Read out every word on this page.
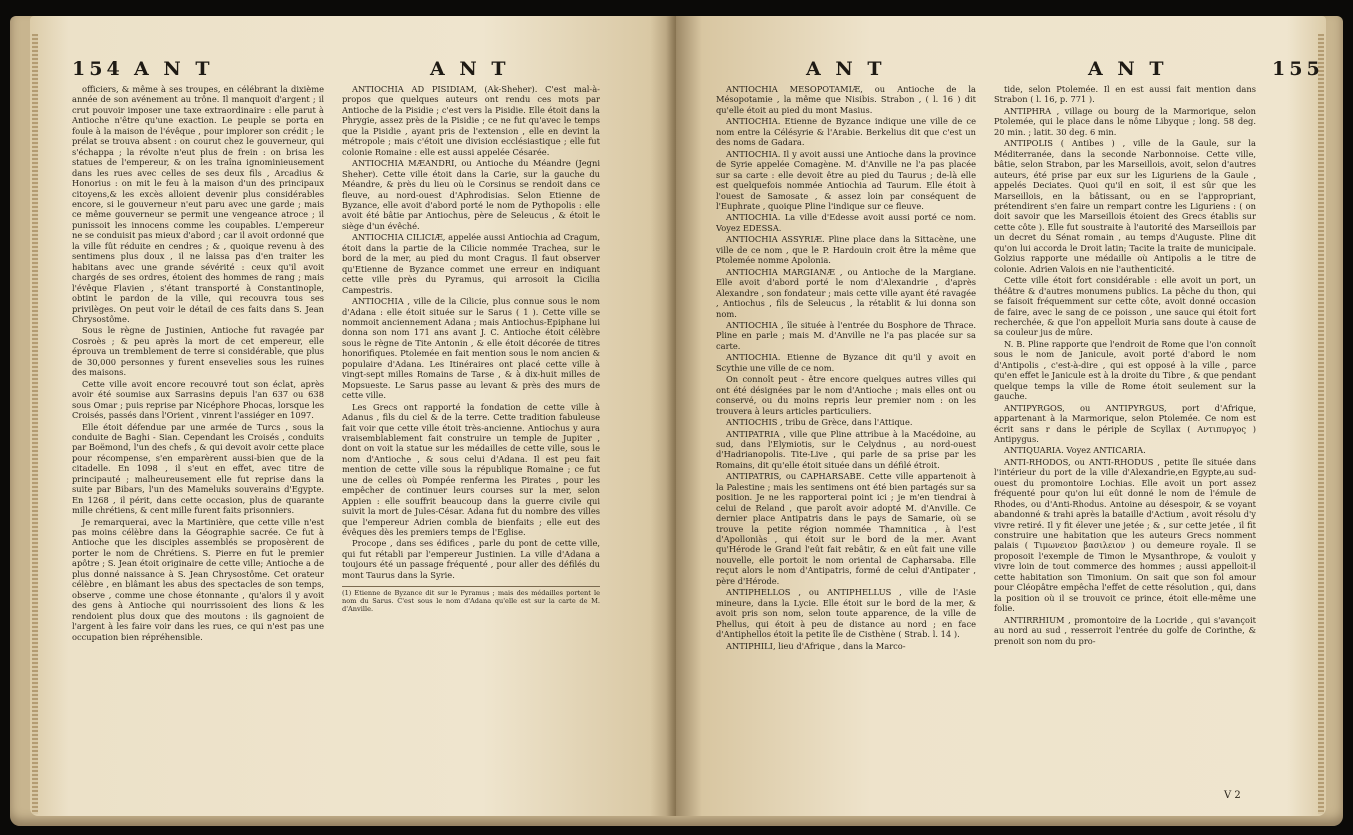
154 A N T	A N T

officiers, & même à ses troupes, en célébrant la dixième année de son avénement au trône. Il manquoit d'argent ; il crut pouvoir imposer une taxe extraordinaire : elle parut à Antioche n'être qu'une exaction. Le peuple se porta en foule à la maison de l'évêque , pour implorer son crédit ; le prélat se trouva absent : on courut chez le gouverneur, qui s'échappa ; la révolte n'eut plus de frein : on brisa les statues de l'empereur, & on les traîna ignominieusement dans les rues avec celles de ses deux fils , Arcadius & Honorius : on mit le feu à la maison d'un des principaux citoyens,& les excès alloient devenir plus considérables encore, si le gouverneur n'eut paru avec une garde ; mais ce même gouverneur se permit une vengeance atroce ; il punissoit les innocens comme les coupables. L'empereur ne se conduisit pas mieux d'abord ; car il avoit ordonné que la ville fût réduite en cendres ; & , quoique revenu à des sentimens plus doux , il ne laissa pas d'en traiter les habitans avec une grande sévérité : ceux qu'il avoit chargés de ses ordres, étoient des hommes de rang ; mais l'évêque Flavien , s'étant transporté à Constantinople, obtint le pardon de la ville, qui recouvra tous ses privilèges. On peut voir le détail de ces faits dans S. Jean Chrysostôme.

Sous le règne de Justinien, Antioche fut ravagée par Cosroès ; & peu après la mort de cet empereur, elle éprouva un tremblement de terre si considérable, que plus de 30,000 personnes y furent ensevelies sous les ruines des maisons.

Cette ville avoit encore recouvré tout son éclat, après avoir été soumise aux Sarrasins depuis l'an 637 ou 638 sous Omar ; puis reprise par Nicéphore Phocas, lorsque les Croisés, passés dans l'Orient , vinrent l'assiéger en 1097.

Elle étoit défendue par une armée de Turcs , sous la conduite de Baghi - Sian. Cependant les Croisés , conduits par Boëmond, l'un des chefs , & qui devoit avoir cette place pour récompense, s'en emparèrent aussi-bien que de la citadelle. En 1098 , il s'eut en effet, avec titre de principauté ; malheureusement elle fut reprise dans la suite par Bibars, l'un des Mameluks souverains d'Egypte. En 1268 , il périt, dans cette occasion, plus de quarante mille chrétiens, & cent mille furent faits prisonniers.

Je remarquerai, avec la Martinière, que cette ville n'est pas moins célèbre dans la Géographie sacrée. Ce fut à Antioche que les disciples assemblés se proposèrent de porter le nom de Chrétiens. S. Pierre en fut le premier apôtre ; S. Jean étoit originaire de cette ville; Antioche a de plus donné naissance à S. Jean Chrysostôme. Cet orateur célèbre , en blâmant les abus des spectacles de son temps, observe , comme une chose étonnante , qu'alors il y avoit des gens à Antioche qui nourrissoient des lions & les rendoient plus doux que des moutons : ils gagnoient de l'argent à les faire voir dans les rues, ce qui n'est pas une occupation bien répréhensible.

ANTIOCHIA AD PISIDIAM, (Ak-Sheher). C'est mal-à-propos que quelques auteurs ont rendu ces mots par Antioche de la Pisidie ; c'est vers la Pisidie. Elle étoit dans la Phrygie, assez près de la Pisidie ; ce ne fut qu'avec le temps que la Pisidie , ayant pris de l'extension , elle en devint la métropole ; mais c'étoit une division ecclésiastique ; elle fut colonie Romaine : elle est aussi appelée Césarée.

ANTIOCHIA MÆANDRI, ou Antioche du Méandre (Jegni Sheher). Cette ville étoit dans la Carie, sur la gauche du Méandre, & près du lieu où le Corsinus se rendoit dans ce fleuve, au nord-ouest d'Aphrodisias. Selon Etienne de Byzance, elle avoit d'abord porté le nom de Pythopolis : elle avoit été bâtie par Antiochus, père de Seleucus , & étoit le siège d'un évêché.

ANTIOCHIA CILICIÆ, appelée aussi Antiochia ad Cragum, étoit dans la partie de la Cilicie nommée Trachea, sur le bord de la mer, au pied du mont Cragus. Il faut observer qu'Etienne de Byzance commet une erreur en indiquant cette ville près du Pyramus, qui arrosoit la Cicilia Campestris.

ANTIOCHIA , ville de la Cilicie, plus connue sous le nom d'Adana : elle étoit située sur le Sarus ( 1 ). Cette ville se nommoit anciennement Adana ; mais Antiochus-Epiphane lui donna son nom 171 ans avant J. C. Antioche étoit célèbre sous le règne de Tite Antonin , & elle étoit décorée de titres honorifiques. Ptolemée en fait mention sous le nom ancien & populaire d'Adana. Les Itinéraires ont placé cette ville à vingt-sept milles Romains de Tarse , & à dix-huit milles de Mopsueste. Le Sarus passe au levant & près des murs de cette ville.

Les Grecs ont rapporté la fondation de cette ville à Adanus , fils du ciel & de la terre. Cette tradition fabuleuse fait voir que cette ville étoit très-ancienne. Antiochus y aura vraisemblablement fait construire un temple de Jupiter , dont on voit la statue sur les médailles de cette ville, sous le nom d'Antioche , & sous celui d'Adana. Il est peu fait mention de cette ville sous la république Romaine ; ce fut une de celles où Pompée renferma les Pirates , pour les empêcher de continuer leurs courses sur la mer, selon Appien : elle souffrit beaucoup dans la guerre civile qui suivit la mort de Jules-César. Adana fut du nombre des villes que l'empereur Adrien combla de bienfaits ; elle eut des évêques dès les premiers temps de l'Eglise.

Procope , dans ses édifices , parle du pont de cette ville, qui fut rétabli par l'empereur Justinien. La ville d'Adana a toujours été un passage fréquenté , pour aller des défilés du mont Taurus dans la Syrie.

(1) Etienne de Byzance dit sur le Pyramus ; mais des médailles portent le nom du Sarus. C'est sous le nom d'Adana qu'elle est sur la carte de M. d'Anville.
A N T	A N T	155

ANTIOCHIA MESOPOTAMIÆ, ou Antioche de la Mésopotamie , la même que Nisibis. Strabon , ( l. 16 ) dit qu'elle étoit au pied du mont Masius.

ANTIOCHIA. Etienne de Byzance indique une ville de ce nom entre la Célésyrie & l'Arabie. Berkelius dit que c'est un des noms de Gadara.

ANTIOCHIA. Il y avoit aussi une Antioche dans la province de Syrie appelée Comagène. M. d'Anville ne l'a pas placée sur sa carte : elle devoit être au pied du Taurus ; de-là elle est quelquefois nommée Antiochia ad Taurum. Elle étoit à l'ouest de Samosate , & assez loin par conséquent de l'Euphrate , quoique Pline l'indique sur ce fleuve.

ANTIOCHIA. La ville d'Edesse avoit aussi porté ce nom. Voyez EDESSA.

ANTIOCHIA ASSYRIÆ. Pline place dans la Sittacène, une ville de ce nom , que le P. Hardouin croit être la même que Ptolemée nomme Apolonia.

ANTIOCHIA MARGIANÆ , ou Antioche de la Margiane. Elle avoit d'abord porté le nom d'Alexandrie , d'après Alexandre , son fondateur ; mais cette ville ayant été ravagée , Antiochus , fils de Seleucus , la rétablit & lui donna son nom.

ANTIOCHIA , île située à l'entrée du Bosphore de Thrace. Pline en parle ; mais M. d'Anville ne l'a pas placée sur sa carte.

ANTIOCHIA. Etienne de Byzance dit qu'il y avoit en Scythie une ville de ce nom.

On connoît peut - être encore quelques autres villes qui ont été désignées par le nom d'Antioche ; mais elles ont ou conservé, ou du moins repris leur premier nom : on les trouvera à leurs articles particuliers.

ANTIOCHIS , tribu de Grèce, dans l'Attique.

ANTIPATRIA , ville que Pline attribue à la Macédoine, au sud, dans l'Elymiotis, sur le Celydnus , au nord-ouest d'Hadrianopolis. Tite-Live , qui parle de sa prise par les Romains, dit qu'elle étoit située dans un défilé étroit.

ANTIPATRIS, ou CAPHARSABE. Cette ville appartenoit à la Palestine ; mais les sentimens ont été bien partagés sur sa position. Je ne les rapporterai point ici ; je m'en tiendrai à celui de Reland , que paroît avoir adopté M. d'Anville. Ce dernier place Antipatris dans le pays de Samarie, où se trouve la petite région nommée Thamnitica , à l'est d'Apolloniàs , qui étoit sur le bord de la mer. Avant qu'Hérode le Grand l'eût fait rebâtir, & en eût fait une ville nouvelle, elle portoit le nom oriental de Capharsaba. Elle reçut alors le nom d'Antipatris, formé de celui d'Antipater , père d'Hérode.

ANTIPHELLOS , ou ANTIPHELLUS , ville de l'Asie mineure, dans la Lycie. Elle étoit sur le bord de la mer, & avoit pris son nom, selon toute apparence, de la ville de Phellus, qui étoit à peu de distance au nord ; en face d'Antiphellos étoit la petite île de Cisthène ( Strab. l. 14 ).

ANTIPHILI, lieu d'Afrique , dans la Marco-

tide, selon Ptolemée. Il en est aussi fait mention dans Strabon ( l. 16, p. 771 ).

ANTIPHRA , village ou bourg de la Marmorique, selon Ptolemée, qui le place dans le nôme Libyque ; long. 58 deg. 20 min. ; latit. 30 deg. 6 min.

ANTIPOLIS ( Antibes ) , ville de la Gaule, sur la Méditerranée, dans la seconde Narbonnoise. Cette ville, bâtie, selon Strabon, par les Marseillois, avoit, selon d'autres auteurs, été prise par eux sur les Liguriens de la Gaule , appelés Deciates. Quoi qu'il en soit, il est sûr que les Marseillois, en la bâtissant, ou en se l'appropriant, prétendirent s'en faire un rempart contre les Liguriens : ( on doit savoir que les Marseillois étoient des Grecs établis sur cette côte ). Elle fut soustraite à l'autorité des Marseillois par un decret du Sénat romain , au temps d'Auguste. Pline dit qu'on lui accorda le Droit latin; Tacite la traite de municipale. Golzius rapporte une médaille où Antipolis a le titre de colonie. Adrien Valois en nie l'authenticité.

Cette ville étoit fort considérable : elle avoit un port, un théâtre & d'autres monumens publics. La pêche du thon, qui se faisoit fréquemment sur cette côte, avoit donné occasion de faire, avec le sang de ce poisson , une sauce qui étoit fort recherchée, & que l'on appelloit Muria sans doute à cause de sa couleur jus de mûre.

N. B. Pline rapporte que l'endroit de Rome que l'on connoît sous le nom de Janicule, avoit porté d'abord le nom d'Antipolis , c'est-à-dire , qui est opposé à la ville , parce qu'en effet le Janicule est à la droite du Tibre , & que pendant quelque temps la ville de Rome étoit seulement sur la gauche.

ANTIPYRGOS, ou ANTIPYRGUS, port d'Afrique, appartenant à la Marmorique, selon Ptolemée. Ce nom est écrit sans r dans le périple de Scyllax ( Αντιπυργος ) Antipygus.

ANTIQUARIA. Voyez ANTICARIA.

ANTI-RHODOS, ou ANTI-RHODUS , petite île située dans l'intérieur du port de la ville d'Alexandrie,en Egypte,au sud-ouest du promontoire Lochias. Elle avoit un port assez fréquenté pour qu'on lui eût donné le nom de l'émule de Rhodes, ou d'Anti-Rhodus. Antoine au désespoir, & se voyant abandonné & trahi après la bataille d'Actium , avoit résolu d'y vivre retiré. Il y fit élever une jetée ; & , sur cette jetée , il fit construire une habitation que les auteurs Grecs nomment palais ( Τιμωνειον βασιλειον ) ou demeure royale. Il se proposoit l'exemple de Timon le Mysanthrope, & vouloit y vivre loin de tout commerce des hommes ; aussi appelloit-il cette habitation son Timonium. On sait que son fol amour pour Cléopâtre empêcha l'effet de cette résolution , qui, dans la position où il se trouvoit ce prince, étoit elle-même une folie.

ANTIRRHIUM , promontoire de la Locride , qui s'avançoit au nord au sud , resserroit l'entrée du golfe de Corinthe, & prenoit son nom du pro-

V 2
